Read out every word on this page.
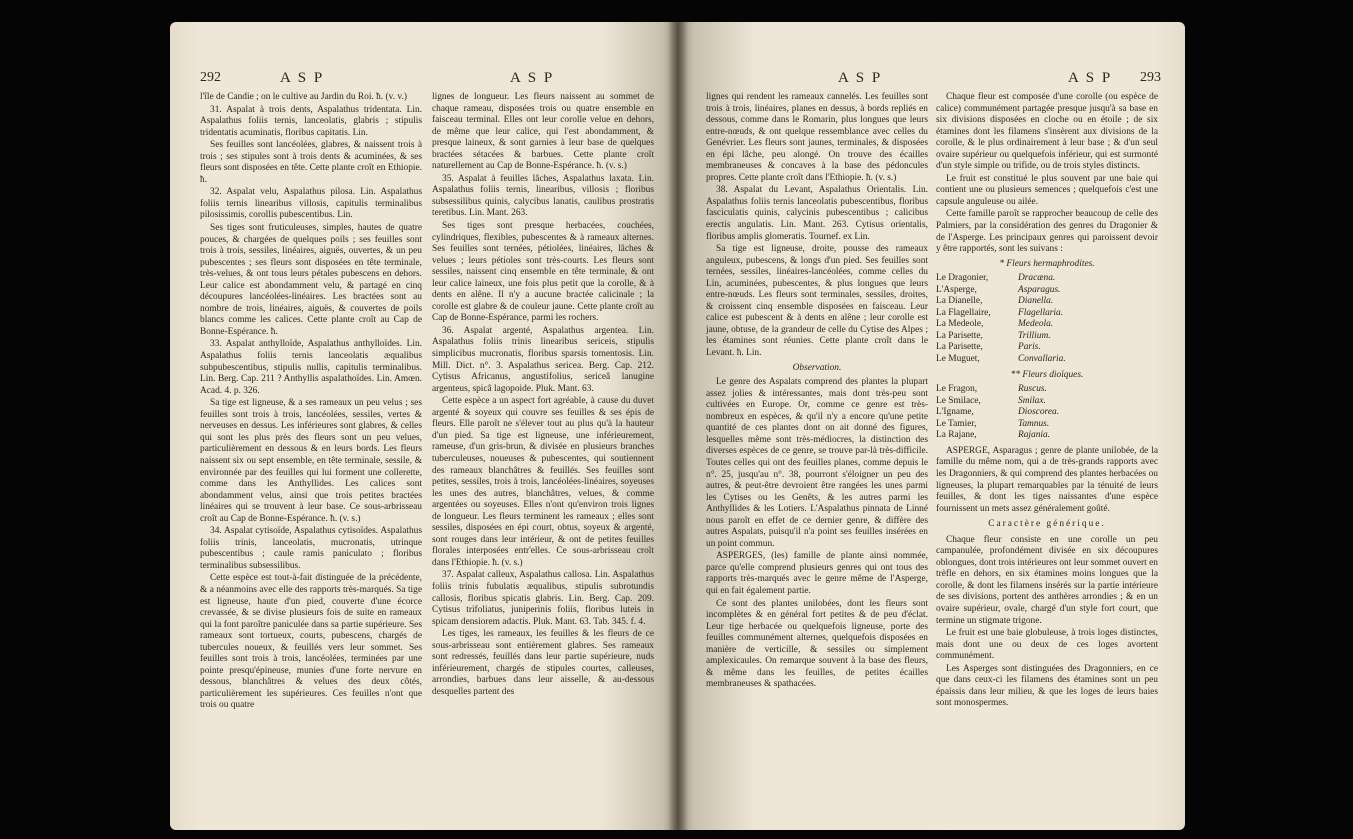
292	A S P	A S P

l'île de Candie ; on le cultive au Jardin du Roi. ħ. (v. v.)

31. Aspalat à trois dents, Aspalathus tridentata. Lin. Aspalathus foliis ternis, lanceolatis, glabris ; stipulis tridentatis acuminatis, floribus capitatis. Lin.

Ses feuilles sont lancéolées, glabres, & naissent trois à trois ; ses stipules sont à trois dents & acuminées, & ses fleurs sont disposées en tête. Cette plante croît en Ethiopie. ħ.

32. Aspalat velu, Aspalathus pilosa. Lin. Aspalathus foliis ternis linearibus villosis, capitulis terminalibus pilosissimis, corollis pubescentibus. Lin.

Ses tiges sont fruticuleuses, simples, hautes de quatre pouces, & chargées de quelques poils ; ses feuilles sont trois à trois, sessiles, linéaires, aiguës, ouvertes, & un peu pubescentes ; ses fleurs sont disposées en tête terminale, très-velues, & ont tous leurs pétales pubescens en dehors. Leur calice est abondamment velu, & partagé en cinq découpures lancéolées-linéaires. Les bractées sont au nombre de trois, linéaires, aiguës, & couvertes de poils blancs comme les calices. Cette plante croît au Cap de Bonne-Espérance. ħ.

33. Aspalat anthylloïde, Aspalathus anthylloïdes. Lin. Aspalathus foliis ternis lanceolatis æqualibus subpubescentibus, stipulis nullis, capitulis terminalibus. Lin. Berg. Cap. 211 ? Anthyllis aspalathoïdes. Lin. Amœn. Acad. 4. p. 326.

Sa tige est ligneuse, & a ses rameaux un peu velus ; ses feuilles sont trois à trois, lancéolées, sessiles, vertes & nerveuses en dessus. Les inférieures sont glabres, & celles qui sont les plus près des fleurs sont un peu velues, particulièrement en dessous & en leurs bords. Les fleurs naissent six ou sept ensemble, en tête terminale, sessile, & environnée par des feuilles qui lui forment une collerette, comme dans les Anthyllides. Les calices sont abondamment velus, ainsi que trois petites bractées linéaires qui se trouvent à leur base. Ce sous-arbrisseau croît au Cap de Bonne-Espérance. ħ. (v. s.)

34. Aspalat cytisoïde, Aspalathus cytisoïdes. Aspalathus foliis trinis, lanceolatis, mucronatis, utrinque pubescentibus ; caule ramis paniculato ; floribus terminalibus subsessilibus.

Cette espèce est tout-à-fait distinguée de la précédente, & a néanmoins avec elle des rapports très-marqués. Sa tige est ligneuse, haute d'un pied, couverte d'une écorce crevassée, & se divise plusieurs fois de suite en rameaux qui la font paroître paniculée dans sa partie supérieure. Ses rameaux sont tortueux, courts, pubescens, chargés de tubercules noueux, & feuillés vers leur sommet. Ses feuilles sont trois à trois, lancéolées, terminées par une pointe presqu'épineuse, munies d'une forte nervure en dessous, blanchâtres & velues des deux côtés, particulièrement les supérieures. Ces feuilles n'ont que trois ou quatre

lignes de longueur. Les fleurs naissent au sommet de chaque rameau, disposées trois ou quatre ensemble en faisceau terminal. Elles ont leur corolle velue en dehors, de même que leur calice, qui l'est abondamment, & presque laineux, & sont garnies à leur base de quelques bractées sétacées & barbues. Cette plante croît naturellement au Cap de Bonne-Espérance. ħ. (v. s.)

35. Aspalat à feuilles lâches, Aspalathus laxata. Lin. Aspalathus foliis ternis, linearibus, villosis ; floribus subsessilibus quinis, calycibus lanatis, caulibus prostratis teretibus. Lin. Mant. 263.

Ses tiges sont presque herbacées, couchées, cylindriques, flexibles, pubescentes & à rameaux alternes. Ses feuilles sont ternées, pétiolées, linéaires, lâches & velues ; leurs pétioles sont très-courts. Les fleurs sont sessiles, naissent cinq ensemble en tête terminale, & ont leur calice laineux, une fois plus petit que la corolle, & à dents en alêne. Il n'y a aucune bractée calicinale ; la corolle est glabre & de couleur jaune. Cette plante croît au Cap de Bonne-Espérance, parmi les rochers.

36. Aspalat argenté, Aspalathus argentea. Lin. Aspalathus foliis trinis linearibus sericeis, stipulis simplicibus mucronatis, floribus sparsis tomentosis. Lin. Mill. Dict. n°. 3. Aspalathus sericea. Berg. Cap. 212. Cytisus Africanus, angustifolius, sericeâ lanugine argenteus, spicâ lagopoide. Pluk. Mant. 63.

Cette espèce a un aspect fort agréable, à cause du duvet argenté & soyeux qui couvre ses feuilles & ses épis de fleurs. Elle paroît ne s'élever tout au plus qu'à la hauteur d'un pied. Sa tige est ligneuse, une inférieurement, rameuse, d'un gris-brun, & divisée en plusieurs branches tuberculeuses, noueuses & pubescentes, qui soutiennent des rameaux blanchâtres & feuillés. Ses feuilles sont petites, sessiles, trois à trois, lancéolées-linéaires, soyeuses les unes des autres, blanchâtres, velues, & comme argentées ou soyeuses. Elles n'ont qu'environ trois lignes de longueur. Les fleurs terminent les rameaux ; elles sont sessiles, disposées en épi court, obtus, soyeux & argenté, sont rouges dans leur intérieur, & ont de petites feuilles florales interposées entr'elles. Ce sous-arbrisseau croît dans l'Ethiopie. ħ. (v. s.)

37. Aspalat calleux, Aspalathus callosa. Lin. Aspalathus foliis trinis fubulatis æqualibus, stipulis subrotundis callosis, floribus spicatis glabris. Lin. Berg. Cap. 209. Cytisus trifoliatus, juniperinis foliis, floribus luteis in spicam densiorem adactis. Pluk. Mant. 63. Tab. 345. f. 4.

Les tiges, les rameaux, les feuilles & les fleurs de ce sous-arbrisseau sont entièrement glabres. Ses rameaux sont redressés, feuillés dans leur partie supérieure, nuds inférieurement, chargés de stipules courtes, calleuses, arrondies, barbues dans leur aisselle, & au-dessous desquelles partent des

A S P	A S P 293

lignes qui rendent les rameaux cannelés. Les feuilles sont trois à trois, linéaires, planes en dessus, à bords repliés en dessous, comme dans le Romarin, plus longues que leurs entre-nœuds, & ont quelque ressemblance avec celles du Genévrier. Les fleurs sont jaunes, terminales, & disposées en épi lâche, peu alongé. On trouve des écailles membraneuses & concaves à la base des pédoncules propres. Cette plante croît dans l'Ethiopie. ħ. (v. s.)

38. Aspalat du Levant, Aspalathus Orientalis. Lin. Aspalathus foliis ternis lanceolatis pubescentibus, floribus fasciculatis quinis, calycinis pubescentibus ; calicibus erectis angulatis. Lin. Mant. 263. Cytisus orientalis, floribus amplis glomeratis. Tournef. ex Lin.

Sa tige est ligneuse, droite, pousse des rameaux anguleux, pubescens, & longs d'un pied. Ses feuilles sont ternées, sessiles, linéaires-lancéolées, comme celles du Lin, acuminées, pubescentes, & plus longues que leurs entre-nœuds. Les fleurs sont terminales, sessiles, droites, & croissent cinq ensemble disposées en faisceau. Leur calice est pubescent & à dents en alêne ; leur corolle est jaune, obtuse, de la grandeur de celle du Cytise des Alpes ; les étamines sont réunies. Cette plante croît dans le Levant. ħ. Lin.

Observation.

Le genre des Aspalats comprend des plantes la plupart assez jolies & intéressantes, mais dont très-peu sont cultivées en Europe. Or, comme ce genre est très-nombreux en espèces, & qu'il n'y a encore qu'une petite quantité de ces plantes dont on ait donné des figures, lesquelles même sont très-médiocres, la distinction des diverses espèces de ce genre, se trouve par-là très-difficile. Toutes celles qui ont des feuilles planes, comme depuis le n°. 25, jusqu'au n°. 38, pourront s'éloigner un peu des autres, & peut-être devroient être rangées les unes parmi les Cytises ou les Genêts, & les autres parmi les Anthyllides & les Lotiers. L'Aspalathus pinnata de Linné nous paroît en effet de ce dernier genre, & diffère des autres Aspalats, puisqu'il n'a point ses feuilles insérées en un point commun.

ASPERGES, (les) famille de plante ainsi nommée, parce qu'elle comprend plusieurs genres qui ont tous des rapports très-marqués avec le genre même de l'Asperge, qui en fait également partie.

Ce sont des plantes unilobées, dont les fleurs sont incomplètes & en général fort petites & de peu d'éclat. Leur tige herbacée ou quelquefois ligneuse, porte des feuilles communément alternes, quelquefois disposées en manière de verticille, & sessiles ou simplement amplexicaules. On remarque souvent à la base des fleurs, & même dans les feuilles, de petites écailles membraneuses & spathacées.

Chaque fleur est composée d'une corolle (ou espèce de calice) communément partagée presque jusqu'à sa base en six divisions disposées en cloche ou en étoile ; de six étamines dont les filamens s'insèrent aux divisions de la corolle, & le plus ordinairement à leur base ; & d'un seul ovaire supérieur ou quelquefois inférieur, qui est surmonté d'un style simple ou trifide, ou de trois styles distincts.

Le fruit est constitué le plus souvent par une baie qui contient une ou plusieurs semences ; quelquefois c'est une capsule anguleuse ou ailée.

Cette famille paroît se rapprocher beaucoup de celle des Palmiers, par la considération des genres du Dragonier & de l'Asperge. Les principaux genres qui paroissent devoir y être rapportés, sont les suivans :

* Fleurs hermaphrodites.

Le Dragonier,	Dracæna.
L'Asperge,	Asparagus.
La Dianelle,	Dianella.
La Flagellaire,	Flagellaria.
La Medeole,	Medeola.
La Parisette,	Trillium.
La Parisette,	Paris.
Le Muguet,	Convallaria.

** Fleurs dioïques.

Le Fragon,	Ruscus.
Le Smilace,	Smilax.
L'Igname,	Dioscorea.
Le Tamier,	Tamnus.
La Rajane,	Rajania.

ASPERGE, Asparagus ; genre de plante unilobée, de la famille du même nom, qui a de très-grands rapports avec les Dragonniers, & qui comprend des plantes herbacées ou ligneuses, la plupart remarquables par la ténuité de leurs feuilles, & dont les tiges naissantes d'une espèce fournissent un mets assez généralement goûté.

Caractère générique.

Chaque fleur consiste en une corolle un peu campanulée, profondément divisée en six découpures oblongues, dont trois intérieures ont leur sommet ouvert en trèfle en dehors, en six étamines moins longues que la corolle, & dont les filamens insérés sur la partie intérieure de ses divisions, portent des anthères arrondies ; & en un ovaire supérieur, ovale, chargé d'un style fort court, que termine un stigmate trigone.

Le fruit est une baie globuleuse, à trois loges distinctes, mais dont une ou deux de ces loges avortent communément.

Les Asperges sont distinguées des Dragonniers, en ce que dans ceux-ci les filamens des étamines sont un peu épaissis dans leur milieu, & que les loges de leurs baies sont monospermes.
